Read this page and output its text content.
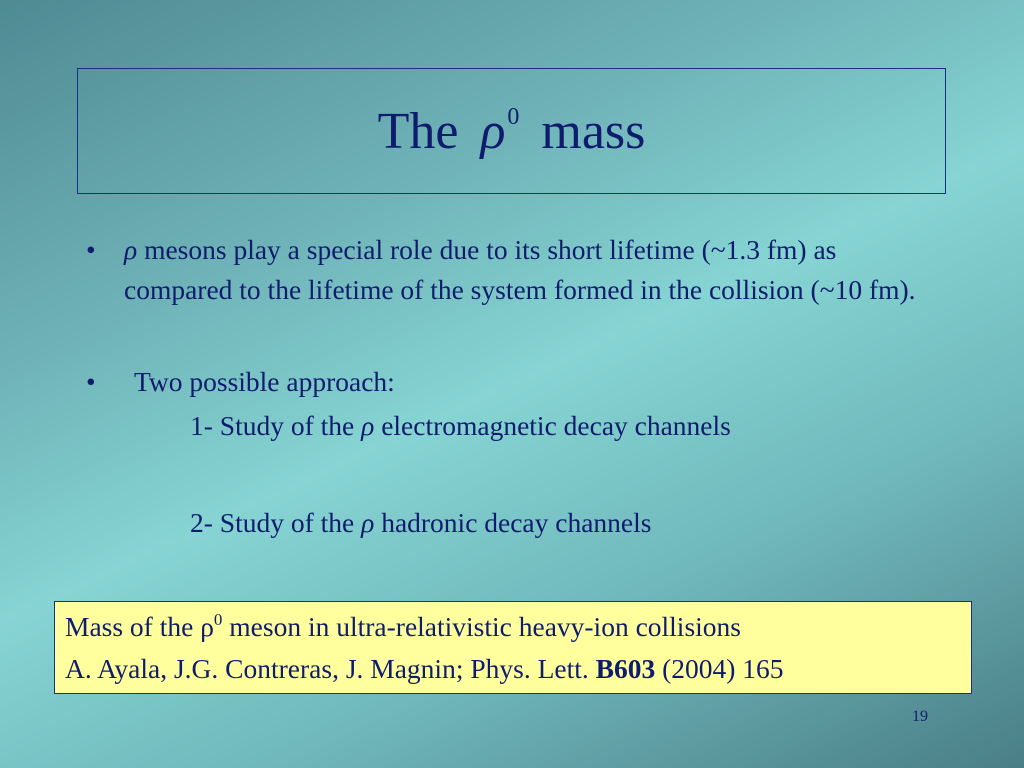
The ρ 0 mass
• ρ mesons play a special role due to its short lifetime (~1.3 fm) as compared to the lifetime of the system formed in the collision (~10 fm).
• Two possible approach:
1- Study of the ρ electromagnetic decay channels
2- Study of the ρ hadronic decay channels
Mass of the ρ$^0$ meson in ultra-relativistic heavy-ion collisions
A. Ayala, J.G. Contreras, J. Magnin; Phys. Lett. B603 (2004) 165
19
